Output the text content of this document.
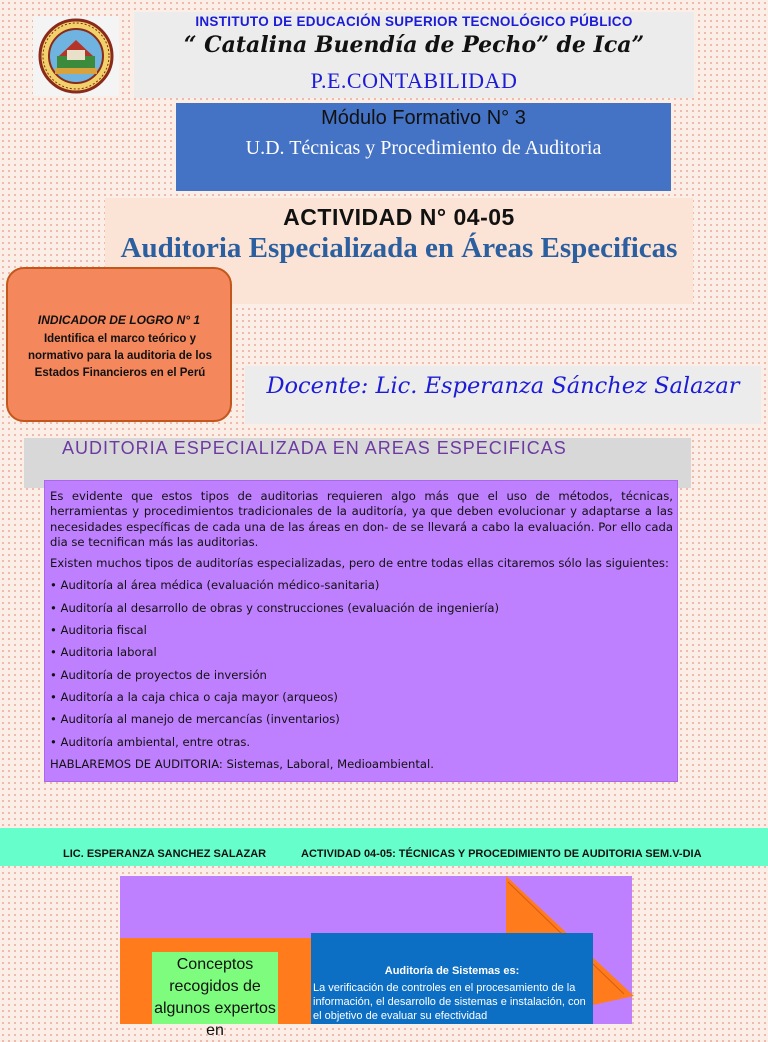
INSTITUTO DE EDUCACIÓN SUPERIOR TECNOLÓGICO PÚBLICO
“ Catalina Buendía de Pecho” de Ica”
P.E.CONTABILIDAD
Módulo Formativo N° 3
U.D. Técnicas y Procedimiento de Auditoria
ACTIVIDAD N° 04-05
Auditoria Especializada en Áreas Especificas
INDICADOR DE LOGRO N° 1
Identifica el marco teórico y normativo para la auditoria de los Estados Financieros en el Perú	Docente: Lic. Esperanza Sánchez Salazar
AUDITORIA ESPECIALIZADA EN AREAS ESPECIFICAS

Es evidente que estos tipos de auditorias requieren algo más que el uso de métodos, técnicas, herramientas y procedimientos tradicionales de la auditoría, ya que deben evolucionar y adaptarse a las necesidades específicas de cada una de las áreas en don- de se llevará a cabo la evaluación. Por ello cada dia se tecnifican más las auditorias.

Existen muchos tipos de auditorías especializadas, pero de entre todas ellas citaremos sólo las siguientes:

• Auditoría al área médica (evaluación médico-sanitaria)
• Auditoría al desarrollo de obras y construcciones (evaluación de ingeniería)
• Auditoria fiscal
• Auditoria laboral
• Auditoría de proyectos de inversión
• Auditoría a la caja chica o caja mayor (arqueos)
• Auditoría al manejo de mercancías (inventarios)
• Auditoría ambiental, entre otras.

HABLAREMOS DE AUDITORIA: Sistemas, Laboral, Medioambiental.

LIC. ESPERANZA SANCHEZ SALAZAR	ACTIVIDAD 04-05: TÉCNICAS Y PROCEDIMIENTO DE AUDITORIA SEM.V-DIA
Conceptos recogidos de algunos expertos en
Auditoría de Sistemas es:
La verificación de controles en el procesamiento de la información, el desarrollo de sistemas e instalación, con el objetivo de evaluar su efectividad
